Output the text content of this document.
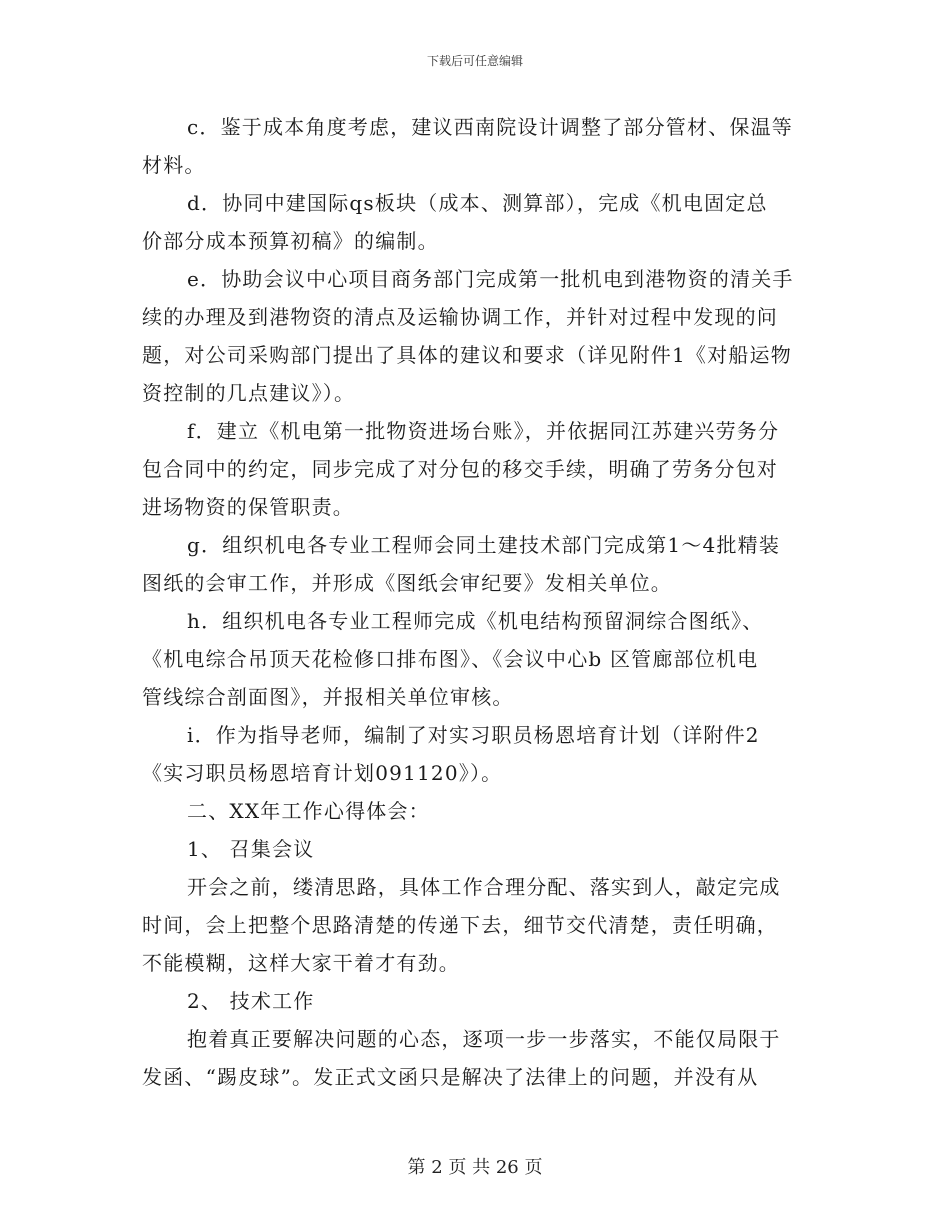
下载后可任意编辑
c．鉴于成本角度考虑，建议西南院设计调整了部分管材、保温等
材料。
d．协同中建国际qs板块（成本、测算部），完成《机电固定总
价部分成本预算初稿》的编制。
e．协助会议中心项目商务部门完成第一批机电到港物资的清关手
续的办理及到港物资的清点及运输协调工作，并针对过程中发现的问
题，对公司采购部门提出了具体的建议和要求（详见附件1《对船运物
资控制的几点建议》）。
f．建立《机电第一批物资进场台账》，并依据同江苏建兴劳务分
包合同中的约定，同步完成了对分包的移交手续，明确了劳务分包对
进场物资的保管职责。
g．组织机电各专业工程师会同土建技术部门完成第1～4批精装
图纸的会审工作，并形成《图纸会审纪要》发相关单位。
h．组织机电各专业工程师完成《机电结构预留洞综合图纸》、
《机电综合吊顶天花检修口排布图》、《会议中心b 区管廊部位机电
管线综合剖面图》，并报相关单位审核。
i．作为指导老师，编制了对实习职员杨恩培育计划（详附件2
《实习职员杨恩培育计划091120》）。
二、XX年工作心得体会：
1、 召集会议
开会之前，缕清思路，具体工作合理分配、落实到人，敲定完成
时间，会上把整个思路清楚的传递下去，细节交代清楚，责任明确，
不能模糊，这样大家干着才有劲。
2、 技术工作
抱着真正要解决问题的心态，逐项一步一步落实，不能仅局限于
发函、“踢皮球”。发正式文函只是解决了法律上的问题，并没有从
第 2 页 共 26 页
